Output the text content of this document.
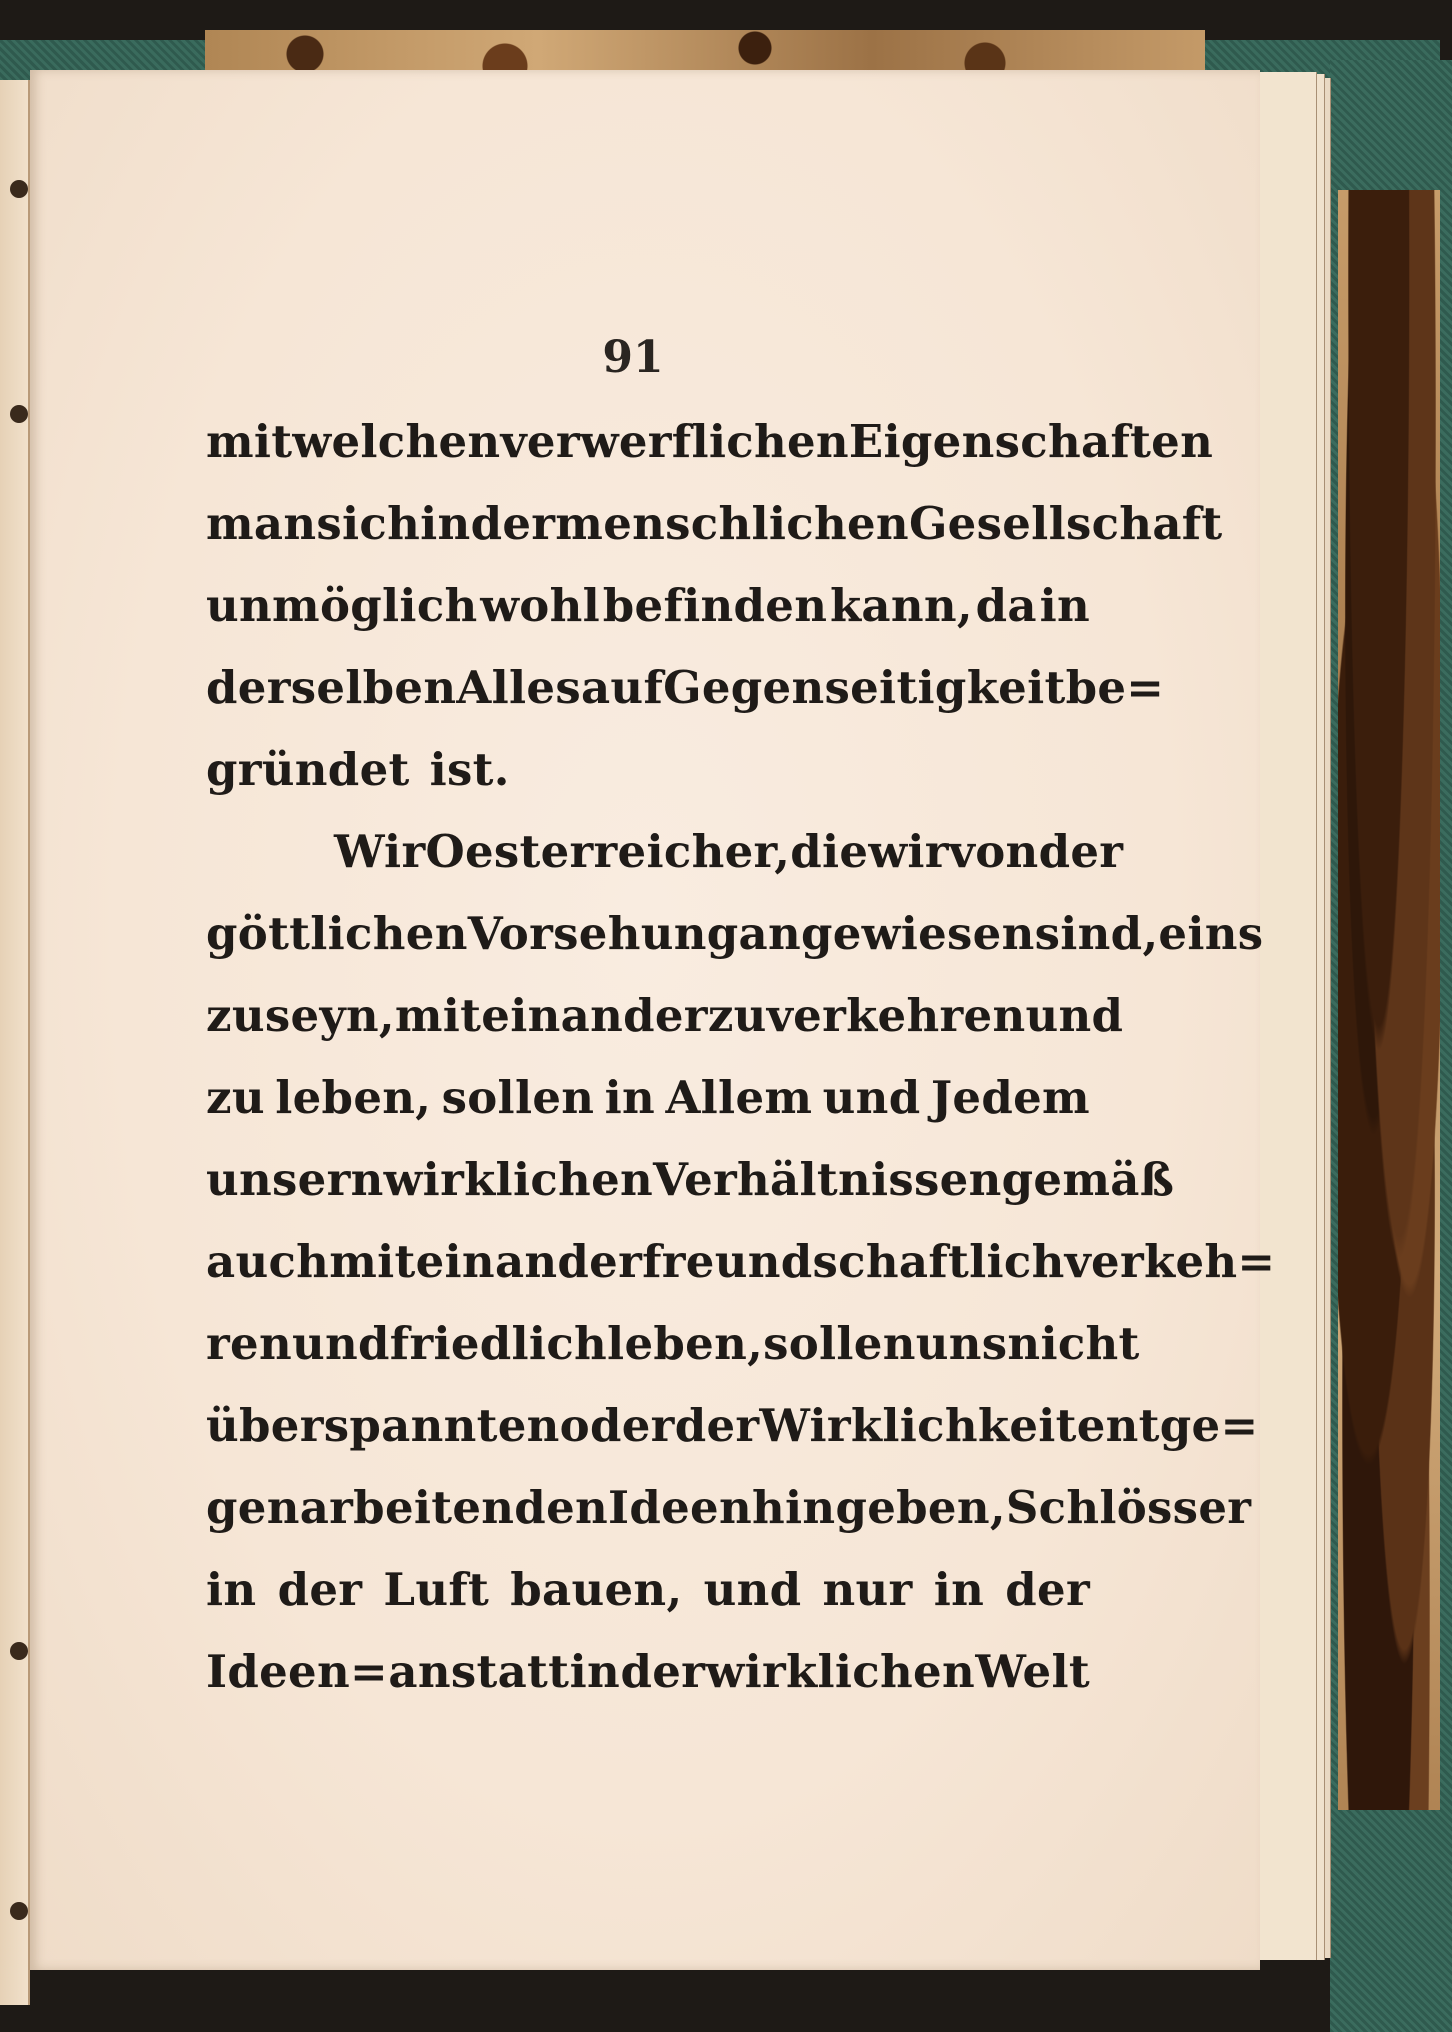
91
mit welchen verwerflichen Eigenschaften
man sich in der menschlichen Gesellschaft
unmöglich wohl befinden kann, da in
derselben Alles auf Gegenseitigkeit be=
gründet ist.
Wir Oesterreicher, die wir von der
göttlichen Vorsehung angewiesen sind, eins
zu seyn, mit einander zu verkehren und
zu leben, sollen in Allem und Jedem
unsern wirklichen Verhältnissen gemäß
auch miteinander freundschaftlich verkeh=
ren und friedlich leben, sollen uns nicht
überspannten oder der Wirklichkeit entge=
genarbeitenden Ideen hingeben, Schlösser
in der Luft bauen, und nur in der
Ideen= anstatt in der wirklichen Welt
